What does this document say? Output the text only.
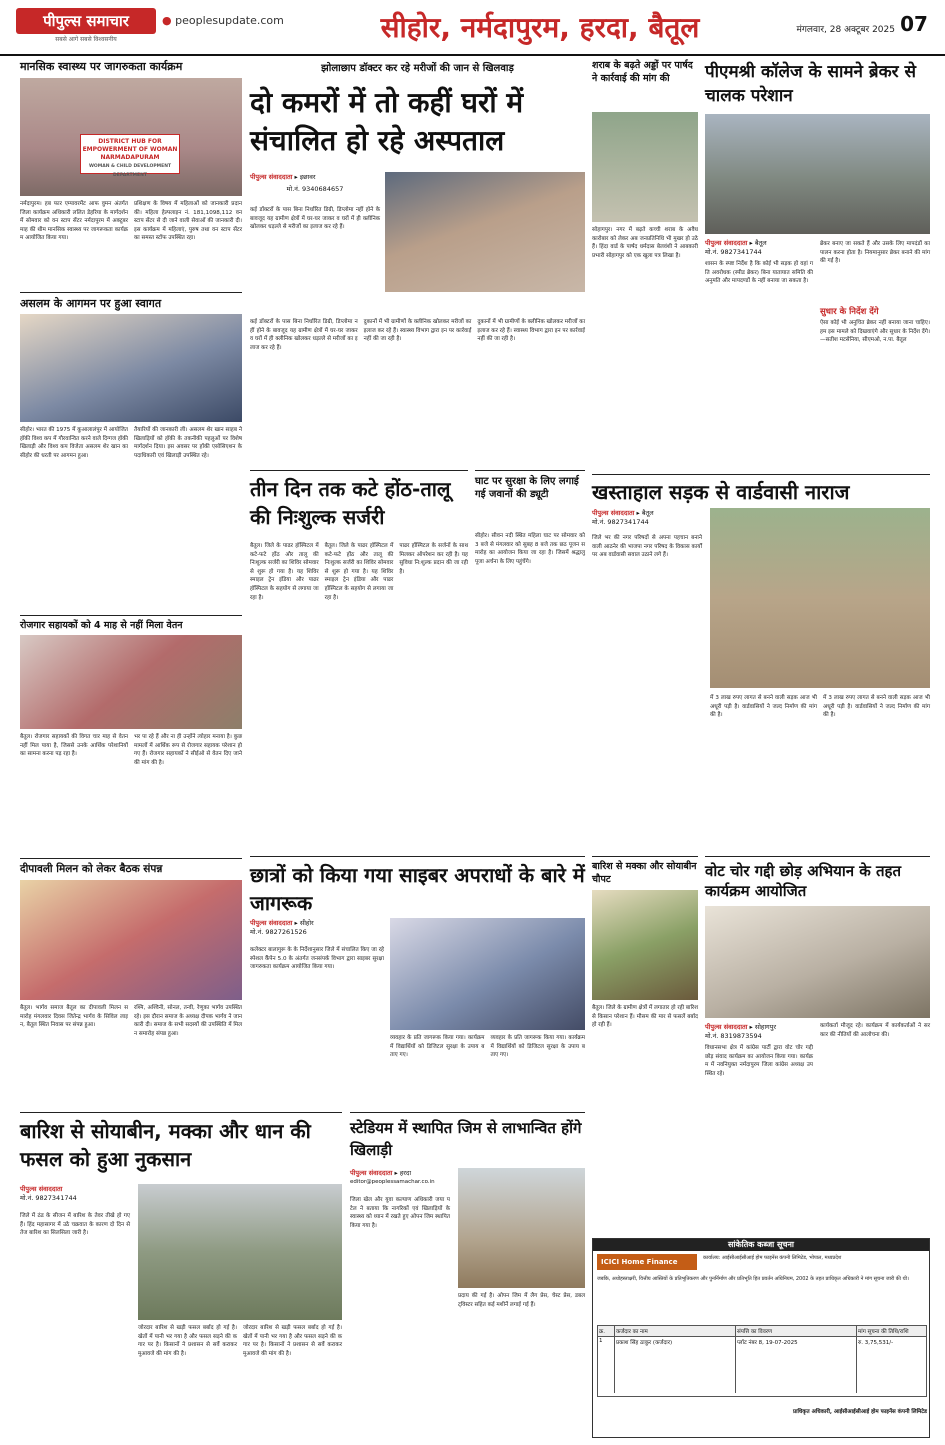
पीपुल्स समाचार
सबसे आगे सबसे विश्वसनीय
● peoplesupdate.com	सीहोर, नर्मदापुरम, हरदा, बैतूल	मंगलवार, 28 अक्टूबर 2025 07
मानसिक स्वास्थ्य पर जागरुकता कार्यक्रम
DISTRICT HUB FOR EMPOWERMENT OF WOMAN NARMADAPURAM
WOMAN & CHILD DEVELOPMENT DEPARTMENT
नर्मदापुरम। हब फार एम्पावरमेंट आफ वुमन अंतर्गत जिला कार्यक्रम अधिकारी ललित डेहरिया के मार्गदर्शन में सोमवार को वन स्टाप सेंटर नर्मदापुरम में अक्टूबर माह की थीम मानसिक स्वास्थ्य पर जागरूकता कार्यक्रम आयोजित किया गया।
प्रशिक्षण के विषय में महिलाओं को जानकारी प्रदान की। महिला हेल्पलाइन नं. 181,1098,112 वन स्टाप सेंटर से दी जाने वाली सेवाओं की जानकारी दी। इस कार्यक्रम में महिलाएं, पुरुष तथा वन स्टाप सेंटर का समस्त स्टॉफ उपस्थित रहा।
असलम के आगमन पर हुआ स्वागत
सीहोर। भारत की 1975 में कुआलालंपुर में आयोजित हॉकी विश्व कप में गौरवान्वित करने वाले दिग्गज हॉकी खिलाड़ी और विश्व कप विजेता असलम शेर खान का सीहोर की धरती पर आगमन हुआ।
तैयारियों की जानकारी ली। असलम शेर खान साहब ने खिलाड़ियों को हॉकी के तकनीकी पहलुओं पर विशेष मार्गदर्शन दिया। इस अवसर पर हॉकी एसोसिएशन के पदाधिकारी एवं खिलाड़ी उपस्थित रहे।
रोजगार सहायकों को 4 माह से नहीं मिला वेतन
बैतूल। रोजगार सहायकों की विगत चार माह से वेतन नहीं मिल पाया है, जिससे उनके आर्थिक परेशानियों का सामना करना पड़ रहा है।
भर पा रहे हैं और ना ही उन्होंने त्योहार मनाया है। कुछ मामलों में आर्थिक रूप से रोजगार सहायक परेशान हो गए हैं। रोजगार सहायकों ने सीईओ से वेतन दिए जाने की मांग की है।
दीपावली मिलन को लेकर बैठक संपन्न
बैतूल। भार्गव समाज बैतूल का दीपावली मिलन समारोह मंगलवार दिवस जितेन्द्र भार्गव के सिविल लाइन, बैतूल स्थित निवास पर संपन्न हुआ।
रश्मि, अश्विनी, सोनल, तन्वी, रेणुका भार्गव उपस्थित रहे। इस दौरान समाज के अध्यक्ष दीपक भार्गव ने जानकारी दी। समाज के सभी सदस्यों की उपस्थिति में मिलन समारोह संपन्न हुआ।
झोलाछाप डॉक्टर कर रहे मरीजों की जान से खिलवाड़
दो कमरों में तो कहीं घरों में संचालित हो रहे अस्पताल
पीपुल्स संवाददाता ▸ इछावर
मो.नं. 9340684657
कई डॉक्टरों के पास बिना निर्धारित डिग्री, डिप्लोमा नहीं होने के बावजूद यह ग्रामीण क्षेत्रों में घर-घर जाकर व घरों में ही क्लीनिक खोलकर धड़ल्ले से मरीजों का इलाज कर रहे हैं।
कई डॉक्टरों के पास बिना निर्धारित डिग्री, डिप्लोमा नहीं होने के बावजूद यह ग्रामीण क्षेत्रों में घर-घर जाकर व घरों में ही क्लीनिक खोलकर धड़ल्ले से मरीजों का इलाज कर रहे हैं।
दुकानों में भी ग्रामीणों के क्लीनिक खोलकर मरीजों का इलाज कर रहे हैं। स्वास्थ्य विभाग द्वारा इन पर कार्रवाई नहीं की जा रही है।
दुकानों में भी ग्रामीणों के क्लीनिक खोलकर मरीजों का इलाज कर रहे हैं। स्वास्थ्य विभाग द्वारा इन पर कार्रवाई नहीं की जा रही है।
शराब के बढ़ते अड्डों पर पार्षद ने कार्रवाई की मांग की
सोहागपुर। नगर में बढ़ते कच्ची शराब के अवैध कारोबार को लेकर अब जनप्रतिनिधि भी मुखर हो उठे हैं। हिंदा वार्ड के पार्षद धर्मदास बेलवंशी ने आबकारी प्रभारी सोहागपुर को एक खुला पत्र लिखा है।
पीएमश्री कॉलेज के सामने ब्रेकर से चालक परेशान
पीपुल्स संवाददाता ▸ बैतूल
मो.नं. 9827341744
शासन के स्पष्ट निर्देश है कि कोई भी सड़क हो वहां गति अवरोधक (स्पीड ब्रेकर) बिना यातायात समिति की अनुमति और मापदण्डों के नहीं बनाया जा सकता है।
ब्रेकर बनाए जा सकते हैं और उसके लिए मापदंडों का पालन करना होता है। नियमानुसार ब्रेकर बनाने की मांग की गई है।
सुधार के निर्देश देंगे
ऐसा कोई भी अनुचित ब्रेकर नहीं बनाया जाना चाहिए। हम इस मामले को दिखवाएंगे और सुधार के निर्देश देंगे। —सतीश मटसेनिया, सीएमओ, न.पा. बैतूल
तीन दिन तक कटे होंठ-तालू की निःशुल्क सर्जरी
बैतूल। जिले के पाढर हॉस्पिटल में कटे-फटे होंठ और तालू की निःशुल्क सर्जरी का शिविर सोमवार से शुरू हो गया है। यह शिविर स्माइल ट्रेन इंडिया और पाढर हॉस्पिटल के सहयोग से लगाया जा रहा है।
बैतूल। जिले के पाढर हॉस्पिटल में कटे-फटे होंठ और तालू की निःशुल्क सर्जरी का शिविर सोमवार से शुरू हो गया है। यह शिविर स्माइल ट्रेन इंडिया और पाढर हॉस्पिटल के सहयोग से लगाया जा रहा है।
पाढर हॉस्पिटल के सर्जनों के साथ मिलकर ऑपरेशन कर रही है। यह सुविधा नि:शुल्क प्रदान की जा रही है।
घाट पर सुरक्षा के लिए लगाई गई जवानों की ड्यूटी
सीहोर। सीवन नदी स्थित महिला घाट पर सोमवार को 3 बजे से मंगलवार को सुबह 8 बजे तक छठ पूजन समारोह का आयोजन किया जा रहा है। जिसमें श्रद्धालु पूजा अर्चना के लिए पहुंचेंगे।
खस्ताहाल सड़क से वार्डवासी नाराज
पीपुल्स संवाददाता ▸ बैतूल
मो.नं. 9827341744
जिले भर की नगर परिषदों से अपना पहचान बनाने वाली आठनेर की भाजपा नगर परिषद के विकास कार्यों पर अब वार्डवासी सवाल उठाने लगे हैं।
में 3 लाख रुपए लागत से बनने वाली सड़क आज भी अधूरी पड़ी है। वार्डवासियों ने जल्द निर्माण की मांग की है।
में 3 लाख रुपए लागत से बनने वाली सड़क आज भी अधूरी पड़ी है। वार्डवासियों ने जल्द निर्माण की मांग की है।
छात्रों को किया गया साइबर अपराधों के बारे में जागरूक
पीपुल्स संवाददाता ▸ सीहोर
मो.नं. 9827261526
कलेक्टर बालागुरू के के निर्देशानुसार जिले में संचालित किए जा रहे स्पेशल कैंपेन 5.0 के अंतर्गत जनसंपर्क विभाग द्वारा साइबर सुरक्षा जागरुकता कार्यक्रम आयोजित किया गया।
व्यवहार के प्रति जागरूक किया गया। कार्यक्रम में विद्यार्थियों को डिजिटल सुरक्षा के उपाय बताए गए।
व्यवहार के प्रति जागरूक किया गया। कार्यक्रम में विद्यार्थियों को डिजिटल सुरक्षा के उपाय बताए गए।
बारिश से मक्का और सोयाबीन चौपट
बैतूल। जिले के ग्रामीण क्षेत्रों में लगातार हो रही बारिश से किसान परेशान हैं। मौसम की मार से फसलें बर्बाद हो रही हैं।
वोट चोर गद्दी छोड़ अभियान के तहत कार्यक्रम आयोजित
पीपुल्स संवाददाता ▸ सोहागपुर
मो.नं. 8319873594
विधानसभा क्षेत्र में कांग्रेस पार्टी द्वारा वोट चोर गद्दी छोड़ संवाद कार्यक्रम का आयोजन किया गया। कार्यक्रम में नवनियुक्त नर्मदापुरम जिला कांग्रेस अध्यक्ष उपस्थित रहे।
कार्यकर्ता मौजूद रहे। कार्यक्रम में कार्यकर्ताओं ने सरकार की नीतियों की आलोचना की।
बारिश से सोयाबीन, मक्का और धान की फसल को हुआ नुकसान
पीपुल्स संवाददाता
मो.नं. 9827341744
जिले में ठंड के सीजन में बारिश के तेवर तीखे हो गए हैं। हिंद महासागर में उठे चक्रवात के कारण दो दिन से तेज बारिश का सिलसिला जारी है।
जोरदार बारिश से खड़ी फसल बर्बाद हो गई है। खेतों में पानी भर गया है और फसल सड़ने की कगार पर है। किसानों ने प्रशासन से सर्वे कराकर मुआवजे की मांग की है।
जोरदार बारिश से खड़ी फसल बर्बाद हो गई है। खेतों में पानी भर गया है और फसल सड़ने की कगार पर है। किसानों ने प्रशासन से सर्वे कराकर मुआवजे की मांग की है।
स्टेडियम में स्थापित जिम से लाभान्वित होंगे खिलाड़ी
पीपुल्स संवाददाता ▸ हरदा
editor@peoplessamachar.co.in
जिला खेल और युवा कल्याण अधिकारी जया पटेल ने बताया कि नागरिकों एवं खिलाड़ियों के स्वास्थ्य को ध्यान में रखते हुए ओपन जिम स्थापित किया गया है।
प्रदाय की गई है। ओपन जिम में लैग प्रेस, चेस्ट प्रेस, डबल ट्विस्टर सहित कई मशीनें लगाई गई हैं।
सांकेतिक कब्जा सूचना
ICICI Home Finance	कार्यालय: आईसीआईसीआई होम फाइनेंस कंपनी लिमिटेड, भोपाल, मध्यप्रदेश
जबकि, अधोहस्ताक्षरी, वित्तीय आस्तियों के प्रतिभूतिकरण और पुनर्निर्माण और प्रतिभूति हित प्रवर्तन अधिनियम, 2002 के तहत प्राधिकृत अधिकारी ने मांग सूचना जारी की थी।
क्र.	कर्जदार का नाम	संपत्ति का विवरण	मांग सूचना की तिथि/राशि
1	प्रकाश सिंह ठाकुर (कर्जदार)	प्लॉट नंबर 8, 19-07-2025	रु. 3,75,531/-
प्राधिकृत अधिकारी, आईसीआईसीआई होम फाइनेंस कंपनी लिमिटेड
